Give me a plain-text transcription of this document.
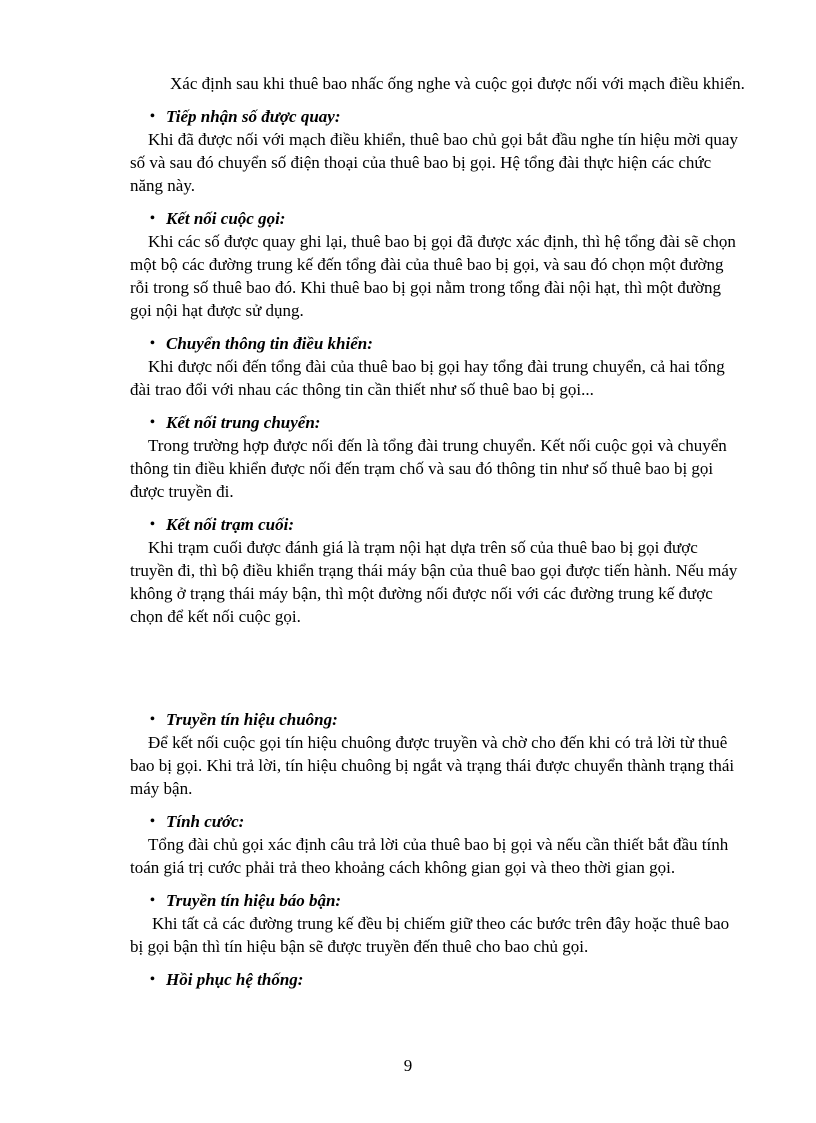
Xác định sau khi thuê bao nhấc ống nghe và cuộc gọi được nối với mạch điều khiển.

• Tiếp nhận số được quay:

Khi đã được nối với mạch điều khiển, thuê bao chủ gọi bắt đầu nghe tín hiệu mời quay số và sau đó chuyển số điện thoại của thuê bao bị gọi. Hệ tổng đài thực hiện các chức năng này.

• Kết nối cuộc gọi:

Khi các số được quay ghi lại, thuê bao bị gọi đã được xác định, thì hệ tổng đài sẽ chọn một bộ các đường trung kế đến tổng đài của thuê bao bị gọi, và sau đó chọn một đường rỗi trong số thuê bao đó. Khi thuê bao bị gọi nằm trong tổng đài nội hạt, thì một đường gọi nội hạt được sử dụng.

• Chuyển thông tin điều khiển:

Khi được nối đến tổng đài của thuê bao bị gọi hay tổng đài trung chuyển, cả hai tổng đài trao đổi với nhau các thông tin cần thiết như số thuê bao bị gọi...

• Kết nối trung chuyển:

Trong trường hợp được nối đến là tổng đài trung chuyển. Kết nối cuộc gọi và chuyển thông tin điều khiển được nối đến trạm chố và sau đó thông tin như số thuê bao bị gọi được truyền đi.

• Kết nối trạm cuối:

Khi trạm cuối được đánh giá là trạm nội hạt dựa trên số của thuê bao bị gọi được truyền đi, thì bộ điều khiển trạng thái máy bận của thuê bao gọi được tiến hành. Nếu máy không ở trạng thái máy bận, thì một đường nối được nối với các đường trung kế được chọn để kết nối cuộc gọi.

• Truyền tín hiệu chuông:

Để kết nối cuộc gọi tín hiệu chuông được truyền và chờ cho đến khi có trả lời từ thuê bao bị gọi. Khi trả lời, tín hiệu chuông bị ngắt và trạng thái được chuyển thành trạng thái máy bận.

• Tính cước:

Tổng đài chủ gọi xác định câu trả lời của thuê bao bị gọi và nếu cần thiết bắt đầu tính toán giá trị cước phải trả theo khoảng cách không gian gọi và theo thời gian gọi.

• Truyền tín hiệu báo bận:

Khi tất cả các đường trung kế đều bị chiếm giữ theo các bước trên đây hoặc thuê bao bị gọi bận thì tín hiệu bận sẽ được truyền đến thuê cho bao chủ gọi.

• Hồi phục hệ thống:

9
